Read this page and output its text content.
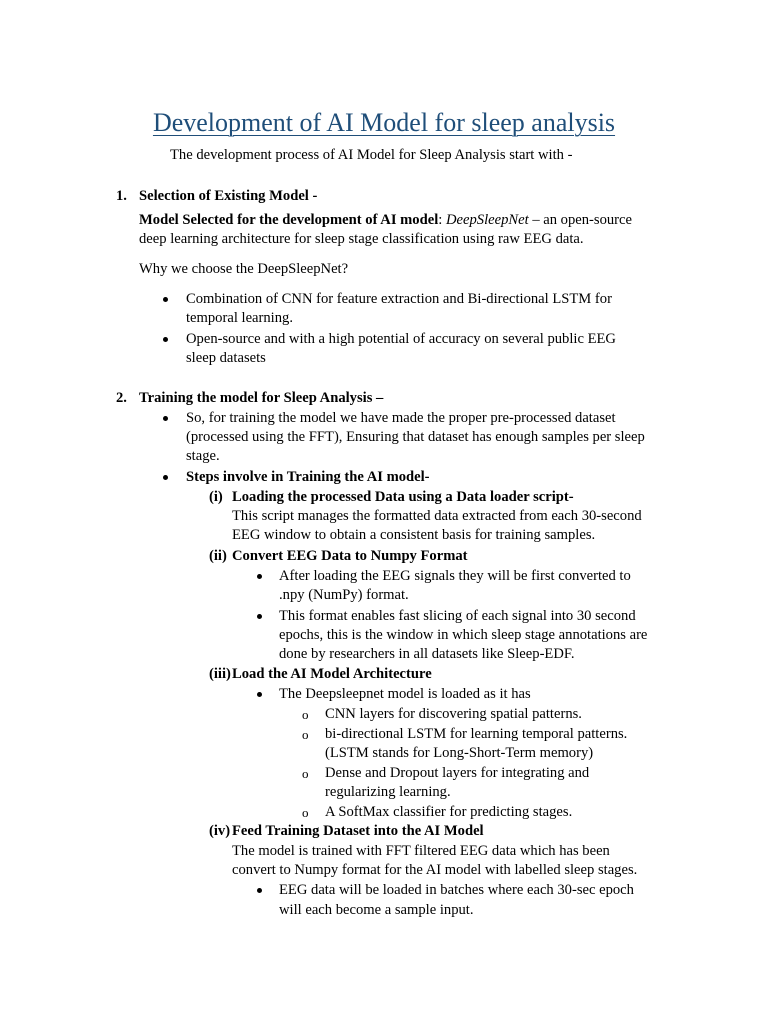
Development of AI Model for sleep analysis
The development process of AI Model for Sleep Analysis start with -
1. Selection of Existing Model -
Model Selected for the development of AI model: DeepSleepNet – an open-source
deep learning architecture for sleep stage classification using raw EEG data.
Why we choose the DeepSleepNet?
Combination of CNN for feature extraction and Bi-directional LSTM for
temporal learning.
Open-source and with a high potential of accuracy on several public EEG
sleep datasets
2. Training the model for Sleep Analysis –
So, for training the model we have made the proper pre-processed dataset
(processed using the FFT), Ensuring that dataset has enough samples per sleep
stage.
Steps involve in Training the AI model-
(i) Loading the processed Data using a Data loader script-
This script manages the formatted data extracted from each 30-second
EEG window to obtain a consistent basis for training samples.
(ii) Convert EEG Data to Numpy Format
After loading the EEG signals they will be first converted to
.npy (NumPy) format.
This format enables fast slicing of each signal into 30 second
epochs, this is the window in which sleep stage annotations are
done by researchers in all datasets like Sleep-EDF.
(iii) Load the AI Model Architecture
The Deepsleepnet model is loaded as it has
o CNN layers for discovering spatial patterns.
o bi-directional LSTM for learning temporal patterns.
(LSTM stands for Long-Short-Term memory)
o Dense and Dropout layers for integrating and
regularizing learning.
o A SoftMax classifier for predicting stages.
(iv) Feed Training Dataset into the AI Model
The model is trained with FFT filtered EEG data which has been
convert to Numpy format for the AI model with labelled sleep stages.
EEG data will be loaded in batches where each 30-sec epoch
will each become a sample input.
